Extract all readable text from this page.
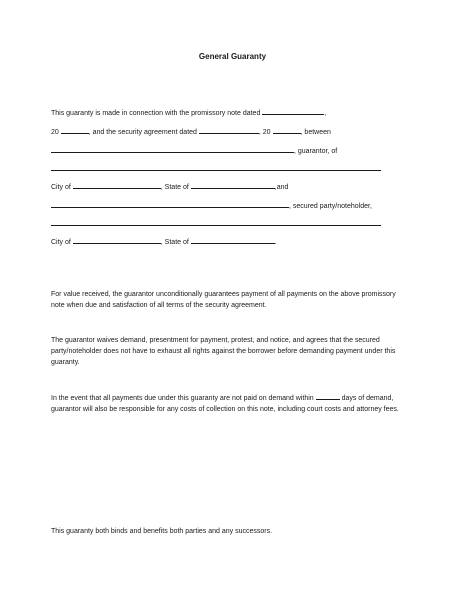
General Guaranty
This guaranty is made in connection with the promissory note dated	,
20	, and the security agreement dated	, 20	, between
, guarantor, of
City of	, State of	,and
, secured party/noteholder,
City of	, State of	.
For value received, the guarantor unconditionally guarantees payment of all payments on the above promissory note when due and satisfaction of all terms of the security agreement.
The guarantor waives demand, presentment for payment, protest, and notice, and agrees that the secured party/noteholder does not have to exhaust all rights against the borrower before demanding payment under this guaranty.
In the event that all payments due under this guaranty are not paid on demand within	days of demand, guarantor will also be responsible for any costs of collection on this note, including court costs and attorney fees.
This guaranty both binds and benefits both parties and any successors.
